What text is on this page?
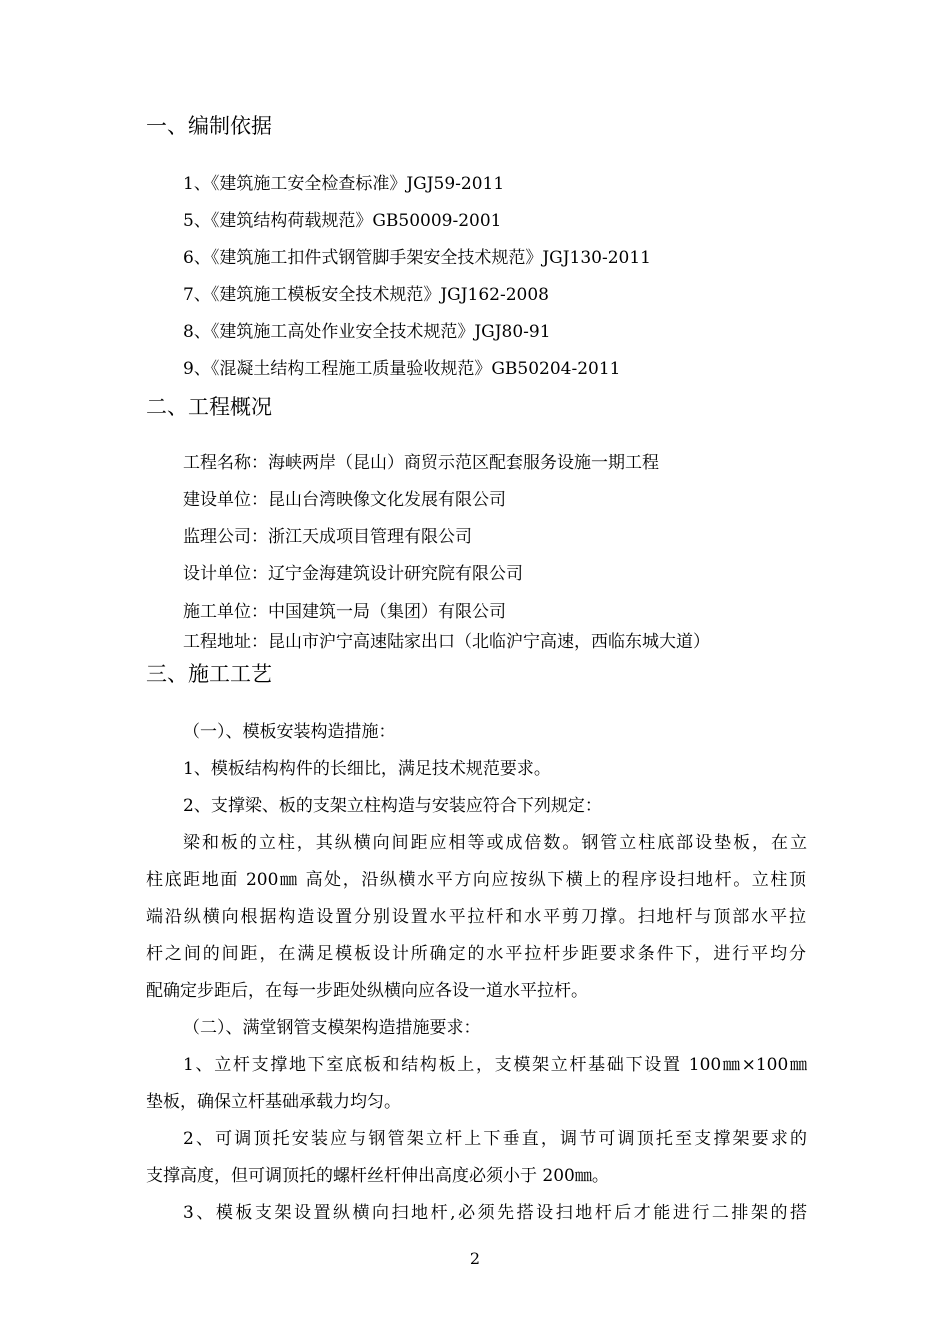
一、编制依据
1、《建筑施工安全检查标准》JGJ59-2011
5、《建筑结构荷载规范》GB50009-2001
6、《建筑施工扣件式钢管脚手架安全技术规范》JGJ130-2011
7、《建筑施工模板安全技术规范》JGJ162-2008
8、《建筑施工高处作业安全技术规范》JGJ80-91
9、《混凝土结构工程施工质量验收规范》GB50204-2011
二、工程概况
工程名称：海峡两岸（昆山）商贸示范区配套服务设施一期工程
建设单位：昆山台湾映像文化发展有限公司
监理公司：浙江天成项目管理有限公司
设计单位：辽宁金海建筑设计研究院有限公司
施工单位：中国建筑一局（集团）有限公司
工程地址：昆山市沪宁高速陆家出口（北临沪宁高速，西临东城大道）
三、施工工艺
（一）、模板安装构造措施：
1、模板结构构件的长细比，满足技术规范要求。
2、支撑梁、板的支架立柱构造与安装应符合下列规定：
梁和板的立柱，其纵横向间距应相等或成倍数。钢管立柱底部设垫板，在立
柱底距地面 200㎜ 高处，沿纵横水平方向应按纵下横上的程序设扫地杆。立柱顶
端沿纵横向根据构造设置分别设置水平拉杆和水平剪刀撑。扫地杆与顶部水平拉
杆之间的间距，在满足模板设计所确定的水平拉杆步距要求条件下，进行平均分
配确定步距后，在每一步距处纵横向应各设一道水平拉杆。
（二）、满堂钢管支模架构造措施要求：
1、立杆支撑地下室底板和结构板上，支模架立杆基础下设置 100㎜×100㎜
垫板，确保立杆基础承载力均匀。
2、可调顶托安装应与钢管架立杆上下垂直，调节可调顶托至支撑架要求的
支撑高度，但可调顶托的螺杆丝杆伸出高度必须小于 200㎜。
3、模板支架设置纵横向扫地杆,必须先搭设扫地杆后才能进行二排架的搭
2
